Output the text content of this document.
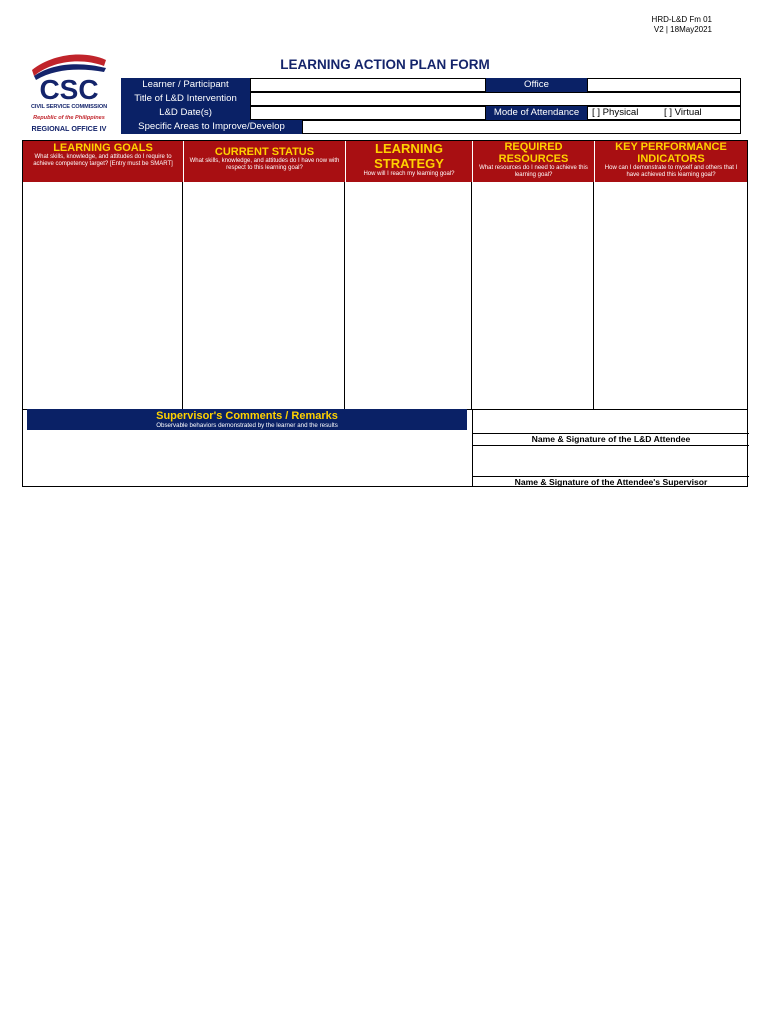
HRD-L&D Fm 01
V2 | 18May2021
CSC
CIVIL SERVICE COMMISSION
Republic of the Philippines
REGIONAL OFFICE IV
LEARNING ACTION PLAN FORM
Learner / Participant	Office
Title of L&D Intervention
L&D Date(s)	Mode of Attendance	[ ] Physical	[ ] Virtual
Specific Areas to Improve/Develop
LEARNING GOALS
What skills, knowledge, and attitudes do I require to achieve competency target? [Entry must be SMART]
CURRENT STATUS
What skills, knowledge, and attitudes do I have now with respect to this learning goal?
LEARNING STRATEGY
How will I reach my learning goal?
REQUIRED RESOURCES
What resources do I need to achieve this learning goal?
KEY PERFORMANCE INDICATORS
How can I demonstrate to myself and others that I have achieved this learning goal?
Supervisor's Comments / Remarks
Observable behaviors demonstrated by the learner and the results
Name & Signature of the L&D Attendee
Name & Signature of the Attendee's Supervisor
